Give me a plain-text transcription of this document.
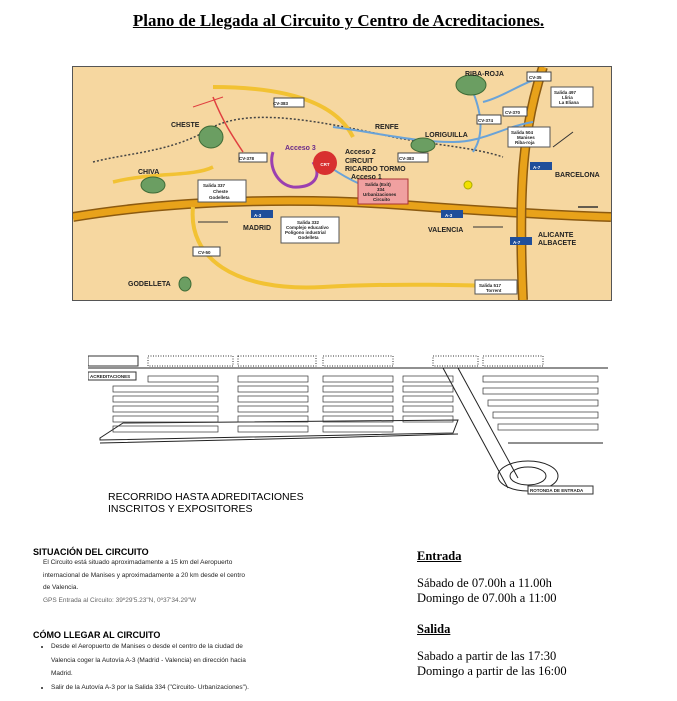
Plano de Llegada al Circuito y Centro de Acreditaciones.
CRT
RIBA-ROJA	CV-35
CV-383
CHESTE
CV-374
CV-370
RENFE
LORIGUILLA
Acceso 3
CHIVA
CV-378
Acceso 2
CIRCUIT
RICARDO TORMO
Acceso 1
CV-383
A-7
BARCELONA
A-3	A-3
MADRID	VALENCIA
ALICANTE
ALBACETE
A-7
CV-50
GODELLETA
Salida 497
Lliria
La Eliana
Salida 504
Manises
Riba-roja
Salida 337
Cheste
Godelleta
Salida (Exit)
334
Urbanizaciones
Circuito
Salida 332
Complejo educativo
Polígono industrial
Godelleta
Salida 517
Torrent
ACREDITACIONES
ROTONDA DE ENTRADA
RECORRIDO HASTA ADREDITACIONES
INSCRITOS Y EXPOSITORES
SITUACIÓN DEL CIRCUITO

El Circuito está situado aproximadamente a 15 km del Aeropuerto

internacional de Manises y aproximadamente a 20 km desde el centro

de Valencia.

GPS Entrada al Circuito: 39º29'5.23"N, 0º37'34.29"W

CÓMO LLEGAR AL CIRCUITO
• Desde el Aeropuerto de Manises o desde el centro de la ciudad de
Valencia coger la Autovía A-3 (Madrid - Valencia) en dirección hacia
Madrid.
• Salir de la Autovía A-3 por la Salida 334 ("Circuito- Urbanizaciones").
Entrada
Sábado de 07.00h a 11.00h
Domingo de 07.00h a 11:00
Salida
Sabado a partir de las 17:30
Domingo a partir de las 16:00
